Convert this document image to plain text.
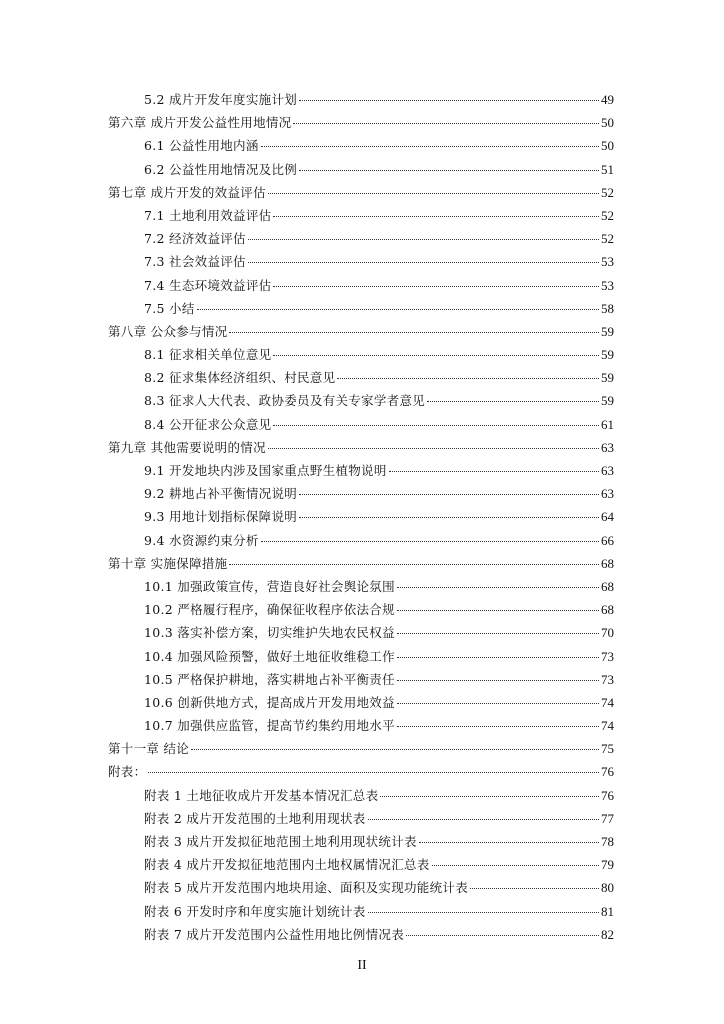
5.2 成片开发年度实施计划	49
第六章 成片开发公益性用地情况	50
6.1 公益性用地内涵	50
6.2 公益性用地情况及比例	51
第七章 成片开发的效益评估	52
7.1 土地利用效益评估	52
7.2 经济效益评估	52
7.3 社会效益评估	53
7.4 生态环境效益评估	53
7.5 小结	58
第八章 公众参与情况	59
8.1 征求相关单位意见	59
8.2 征求集体经济组织、村民意见	59
8.3 征求人大代表、政协委员及有关专家学者意见	59
8.4 公开征求公众意见	61
第九章 其他需要说明的情况	63
9.1 开发地块内涉及国家重点野生植物说明	63
9.2 耕地占补平衡情况说明	63
9.3 用地计划指标保障说明	64
9.4 水资源约束分析	66
第十章 实施保障措施	68
10.1 加强政策宣传，营造良好社会舆论氛围	68
10.2 严格履行程序，确保征收程序依法合规	68
10.3 落实补偿方案，切实维护失地农民权益	70
10.4 加强风险预警，做好土地征收维稳工作	73
10.5 严格保护耕地，落实耕地占补平衡责任	73
10.6 创新供地方式，提高成片开发用地效益	74
10.7 加强供应监管，提高节约集约用地水平	74
第十一章 结论	75
附表：	76
附表 1 土地征收成片开发基本情况汇总表	76
附表 2 成片开发范围的土地利用现状表	77
附表 3 成片开发拟征地范围土地利用现状统计表	78
附表 4 成片开发拟征地范围内土地权属情况汇总表	79
附表 5 成片开发范围内地块用途、面积及实现功能统计表	80
附表 6 开发时序和年度实施计划统计表	81
附表 7 成片开发范围内公益性用地比例情况表	82
II
